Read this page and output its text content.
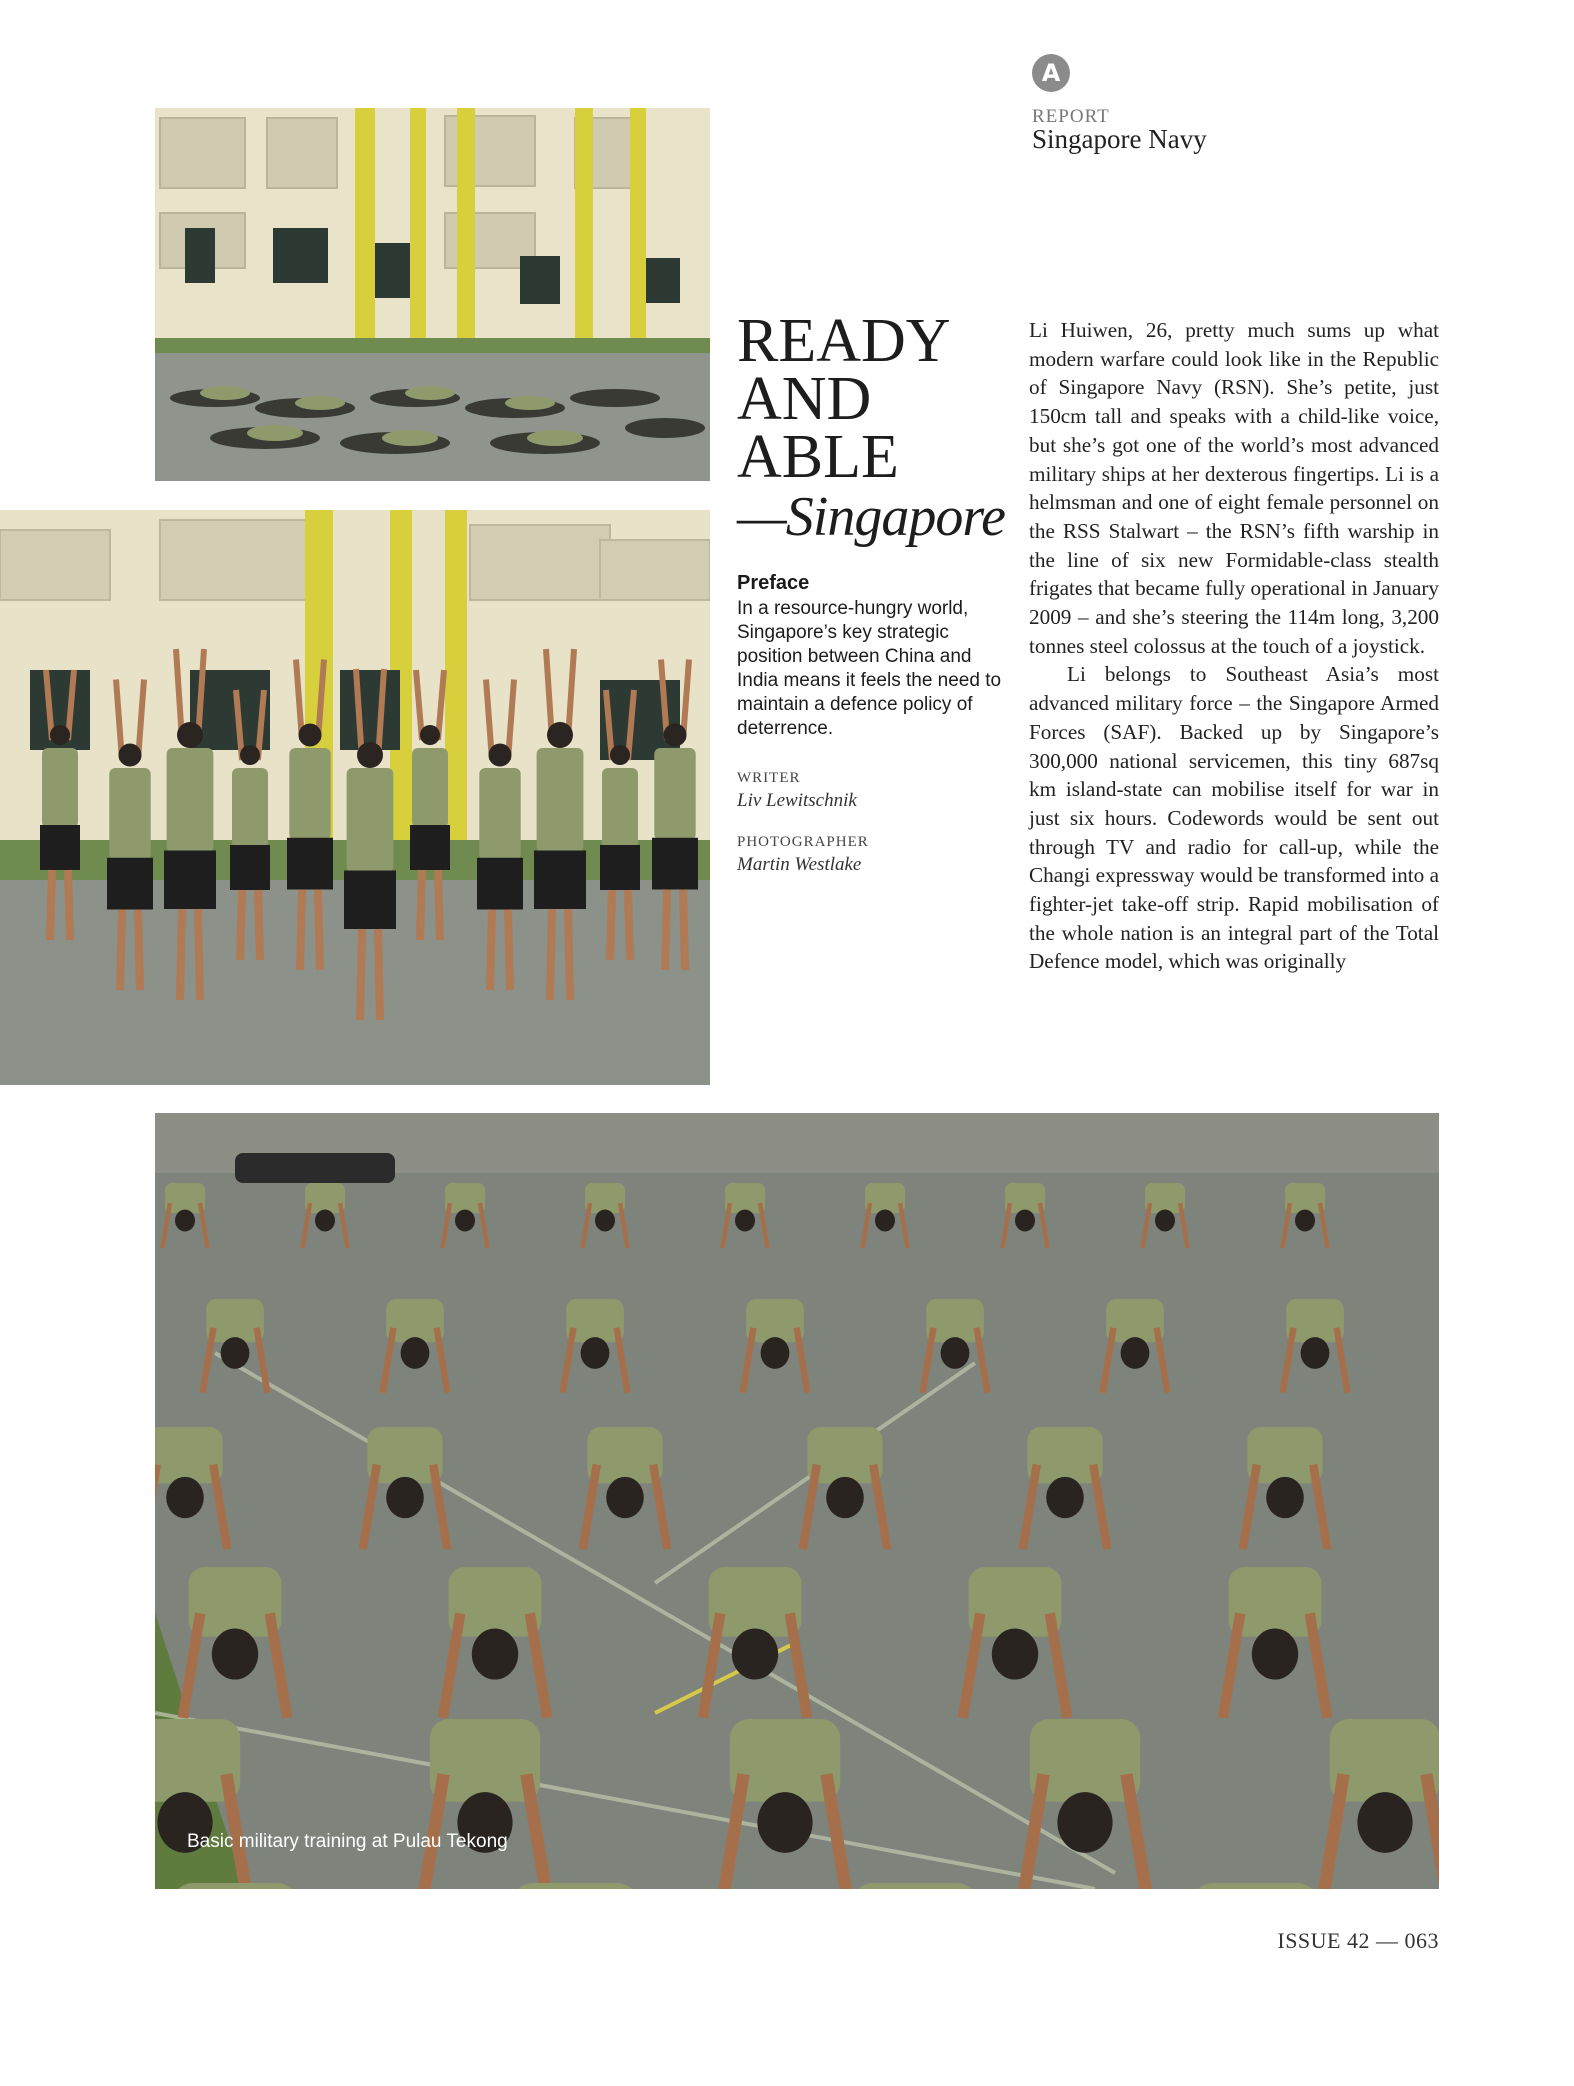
A
REPORT
Singapore Navy
READY
AND
ABLE
—Singapore
Preface
In a resource-hungry world, Singapore’s key strategic position between China and India means it feels the need to maintain a defence policy of deterrence.
WRITER
Liv Lewitschnik
PHOTOGRAPHER
Martin Westlake

Li Huiwen, 26, pretty much sums up what modern warfare could look like in the Republic of Singapore Navy (RSN). She’s petite, just 150cm tall and speaks with a child-like voice, but she’s got one of the world’s most advanced military ships at her dexterous fingertips. Li is a helmsman and one of eight female personnel on the RSS Stalwart – the RSN’s fifth warship in the line of six new Formidable-class stealth frigates that became fully operational in January 2009 – and she’s steering the 114m long, 3,200 tonnes steel colossus at the touch of a joystick.

Li belongs to Southeast Asia’s most advanced military force – the Singapore Armed Forces (SAF). Backed up by Singapore’s 300,000 national servicemen, this tiny 687sq km island-state can mobilise itself for war in just six hours. Codewords would be sent out through TV and radio for call-up, while the Changi expressway would be transformed into a fighter-jet take-off strip. Rapid mobilisation of the whole nation is an integral part of the Total Defence model, which was originally

Basic military training at Pulau Tekong
ISSUE 42 — 063
